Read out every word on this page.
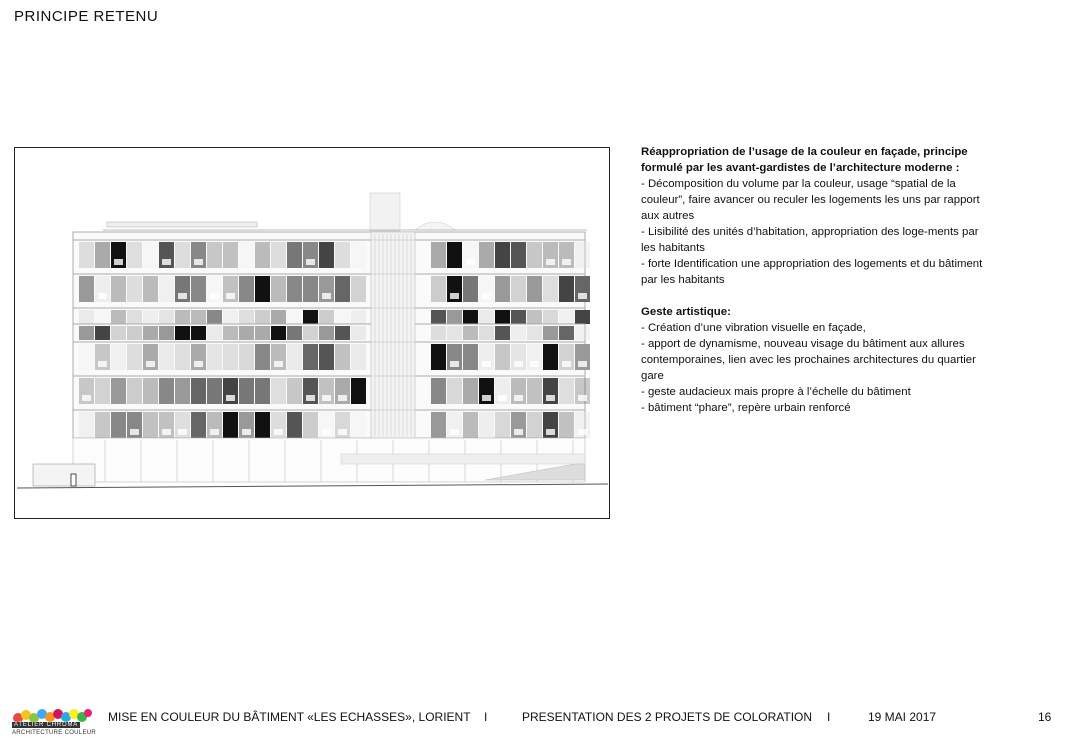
PRINCIPE RETENU

Réappropriation de l’usage de la couleur en façade, principe formulé par les avant-gardistes de l’architecture moderne :

- Décomposition du volume par la couleur, usage “spatial de la couleur”, faire avancer ou reculer les logements les uns par rapport aux autres

- Lisibilité des unités d’habitation, appropriation des loge-ments par les habitants

- forte Identification une appropriation des logements et du bâtiment par les habitants

Geste artistique:

- Création d’une vibration visuelle en façade,

- apport de dynamisme, nouveau visage du bâtiment aux allures contemporaines, lien avec les prochaines architectures du quartier gare

- geste audacieux mais propre à l’échelle du bâtiment

- bâtiment “phare”, repère urbain renforcé

ATELIER CHROMA
ARCHITECTURE COULEUR
MISE EN COULEUR DU BÂTIMENT «LES ECHASSES», LORIENT I	PRESENTATION DES 2 PROJETS DE COLORATION I	19 MAI 2017	16
